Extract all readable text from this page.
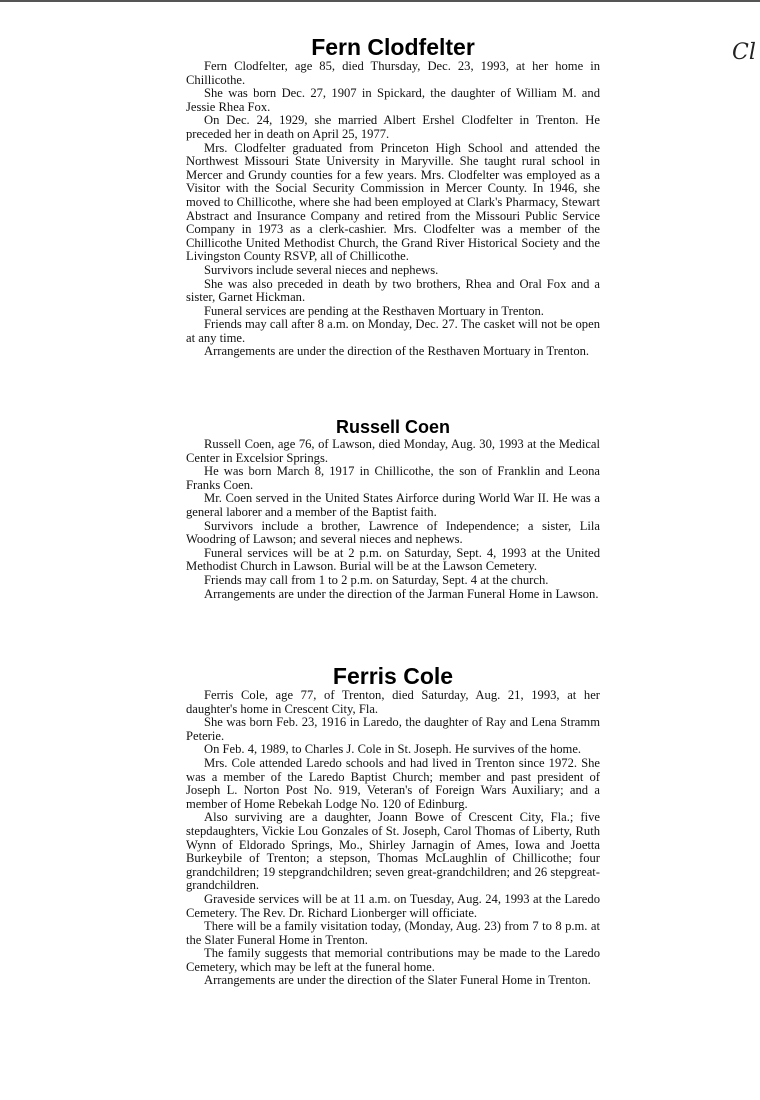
Cl
Fern Clodfelter

Fern Clodfelter, age 85, died Thursday, Dec. 23, 1993, at her home in Chillicothe.

She was born Dec. 27, 1907 in Spickard, the daughter of William M. and Jessie Rhea Fox.

On Dec. 24, 1929, she married Albert Ershel Clodfelter in Trenton. He preceded her in death on April 25, 1977.

Mrs. Clodfelter graduated from Princeton High School and attended the Northwest Missouri State University in Maryville. She taught rural school in Mercer and Grundy counties for a few years. Mrs. Clodfelter was employed as a Visitor with the Social Security Commission in Mercer County. In 1946, she moved to Chillicothe, where she had been employed at Clark's Pharmacy, Stewart Abstract and Insurance Company and retired from the Missouri Public Service Company in 1973 as a clerk-cashier. Mrs. Clodfelter was a member of the Chillicothe United Methodist Church, the Grand River Historical Society and the Livingston County RSVP, all of Chillicothe.

Survivors include several nieces and nephews.

She was also preceded in death by two brothers, Rhea and Oral Fox and a sister, Garnet Hickman.

Funeral services are pending at the Resthaven Mortuary in Trenton.

Friends may call after 8 a.m. on Monday, Dec. 27. The casket will not be open at any time.

Arrangements are under the direction of the Resthaven Mortuary in Trenton.

Russell Coen

Russell Coen, age 76, of Lawson, died Monday, Aug. 30, 1993 at the Medical Center in Excelsior Springs.

He was born March 8, 1917 in Chillicothe, the son of Franklin and Leona Franks Coen.

Mr. Coen served in the United States Airforce during World War II. He was a general laborer and a member of the Baptist faith.

Survivors include a brother, Lawrence of Independence; a sister, Lila Woodring of Lawson; and several nieces and nephews.

Funeral services will be at 2 p.m. on Saturday, Sept. 4, 1993 at the United Methodist Church in Lawson. Burial will be at the Lawson Cemetery.

Friends may call from 1 to 2 p.m. on Saturday, Sept. 4 at the church.

Arrangements are under the direction of the Jarman Funeral Home in Lawson.

Ferris Cole

Ferris Cole, age 77, of Trenton, died Saturday, Aug. 21, 1993, at her daughter's home in Crescent City, Fla.

She was born Feb. 23, 1916 in Laredo, the daughter of Ray and Lena Stramm Peterie.

On Feb. 4, 1989, to Charles J. Cole in St. Joseph. He survives of the home.

Mrs. Cole attended Laredo schools and had lived in Trenton since 1972. She was a member of the Laredo Baptist Church; member and past president of Joseph L. Norton Post No. 919, Veteran's of Foreign Wars Auxiliary; and a member of Home Rebekah Lodge No. 120 of Edinburg.

Also surviving are a daughter, Joann Bowe of Crescent City, Fla.; five stepdaughters, Vickie Lou Gonzales of St. Joseph, Carol Thomas of Liberty, Ruth Wynn of Eldorado Springs, Mo., Shirley Jarnagin of Ames, Iowa and Joetta Burkeybile of Trenton; a stepson, Thomas McLaughlin of Chillicothe; four grandchildren; 19 stepgrandchildren; seven great-grandchildren; and 26 stepgreat-grandchildren.

Graveside services will be at 11 a.m. on Tuesday, Aug. 24, 1993 at the Laredo Cemetery. The Rev. Dr. Richard Lionberger will officiate.

There will be a family visitation today, (Monday, Aug. 23) from 7 to 8 p.m. at the Slater Funeral Home in Trenton.

The family suggests that memorial contributions may be made to the Laredo Cemetery, which may be left at the funeral home.

Arrangements are under the direction of the Slater Funeral Home in Trenton.
